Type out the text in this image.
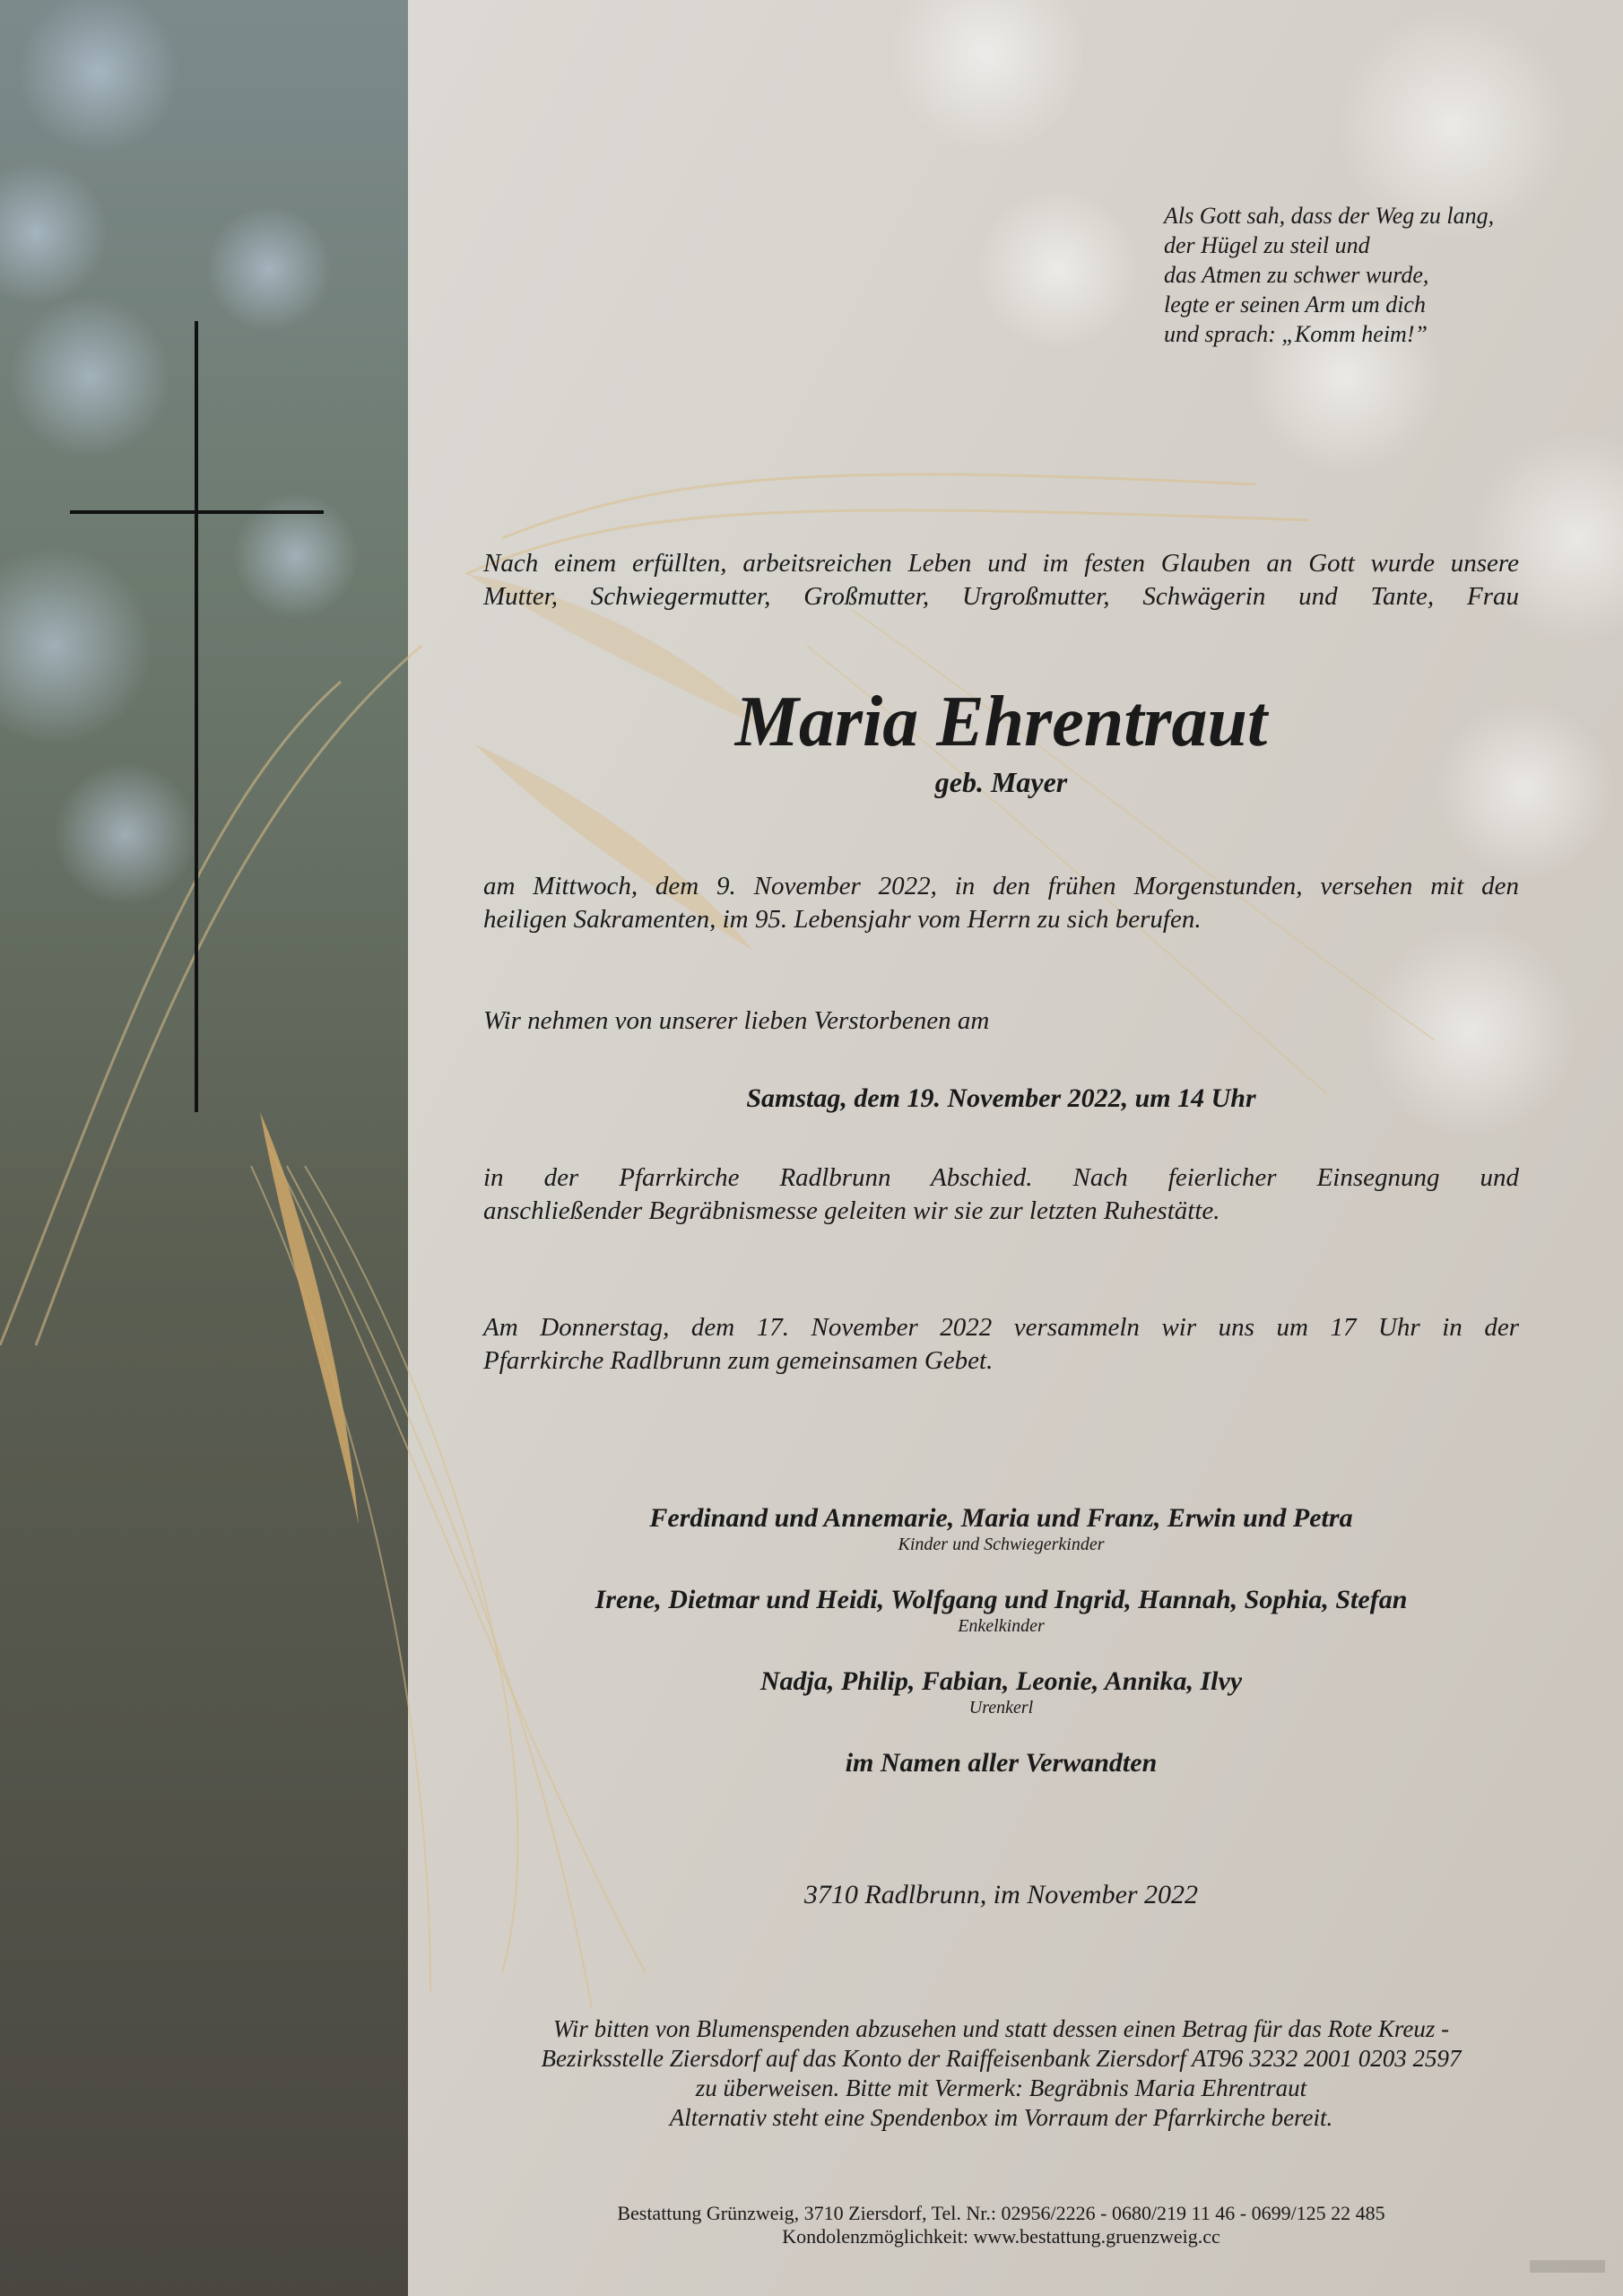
Als Gott sah, dass der Weg zu lang,
der Hügel zu steil und
das Atmen zu schwer wurde,
legte er seinen Arm um dich
und sprach: „Komm heim!”
Nach einem erfüllten, arbeitsreichen Leben und im festen Glauben an Gott wurde unsere
Mutter, Schwiegermutter, Großmutter, Urgroßmutter, Schwägerin und Tante, Frau
Maria Ehrentraut
geb. Mayer
am Mittwoch, dem 9. November 2022, in den frühen Morgenstunden, versehen mit den
heiligen Sakramenten, im 95. Lebensjahr vom Herrn zu sich berufen.
Wir nehmen von unserer lieben Verstorbenen am
Samstag, dem 19. November 2022, um 14 Uhr
in der Pfarrkirche Radlbrunn Abschied. Nach feierlicher Einsegnung und
anschließender Begräbnismesse geleiten wir sie zur letzten Ruhestätte.
Am Donnerstag, dem 17. November 2022 versammeln wir uns um 17 Uhr in der
Pfarrkirche Radlbrunn zum gemeinsamen Gebet.
Ferdinand und Annemarie, Maria und Franz, Erwin und Petra
Kinder und Schwiegerkinder
Irene, Dietmar und Heidi, Wolfgang und Ingrid, Hannah, Sophia, Stefan
Enkelkinder
Nadja, Philip, Fabian, Leonie, Annika, Ilvy
Urenkerl
im Namen aller Verwandten
3710 Radlbrunn, im November 2022
Wir bitten von Blumenspenden abzusehen und statt dessen einen Betrag für das Rote Kreuz -
Bezirksstelle Ziersdorf auf das Konto der Raiffeisenbank Ziersdorf AT96 3232 2001 0203 2597
zu überweisen. Bitte mit Vermerk: Begräbnis Maria Ehrentraut
Alternativ steht eine Spendenbox im Vorraum der Pfarrkirche bereit.
Bestattung Grünzweig, 3710 Ziersdorf, Tel. Nr.: 02956/2226 - 0680/219 11 46 - 0699/125 22 485
Kondolenzmöglichkeit: www.bestattung.gruenzweig.cc
